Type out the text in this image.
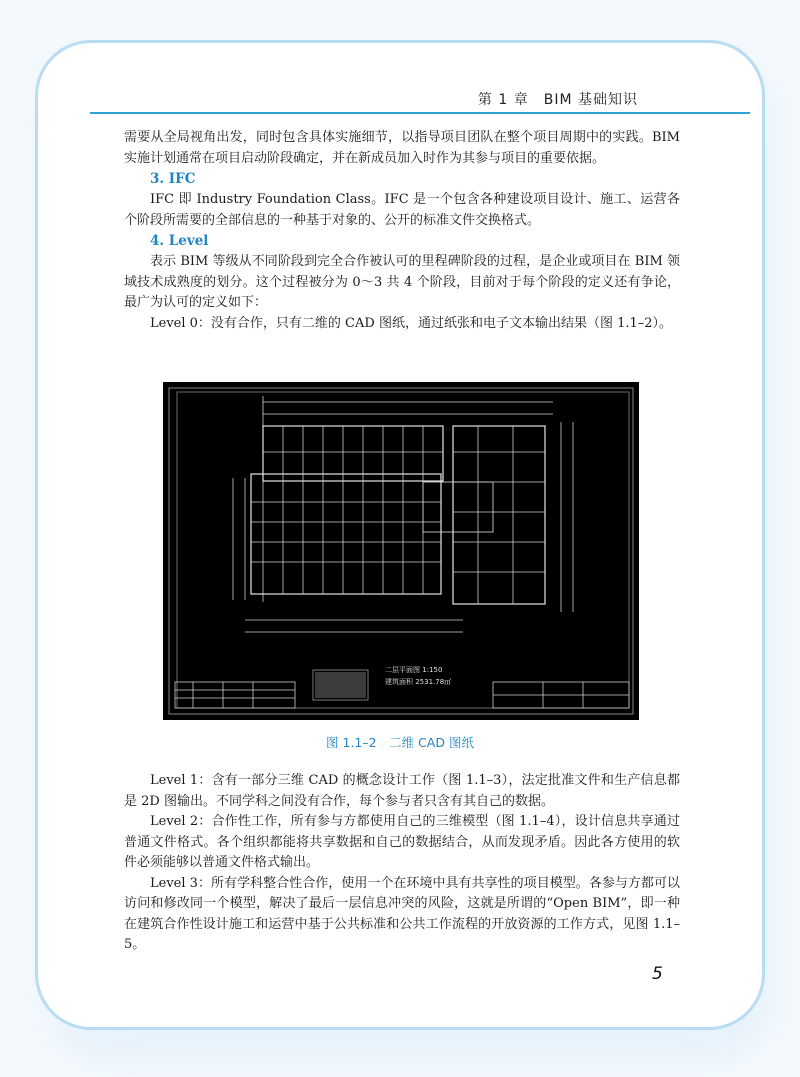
第 1 章　BIM 基础知识

需要从全局视角出发，同时包含具体实施细节，以指导项目团队在整个项目周期中的实践。BIM 实施计划通常在项目启动阶段确定，并在新成员加入时作为其参与项目的重要依据。

3. IFC

IFC 即 Industry Foundation Class。IFC 是一个包含各种建设项目设计、施工、运营各个阶段所需要的全部信息的一种基于对象的、公开的标准文件交换格式。

4. Level

表示 BIM 等级从不同阶段到完全合作被认可的里程碑阶段的过程，是企业或项目在 BIM 领域技术成熟度的划分。这个过程被分为 0～3 共 4 个阶段，目前对于每个阶段的定义还有争论，最广为认可的定义如下：

Level 0：没有合作，只有二维的 CAD 图纸，通过纸张和电子文本输出结果（图 1.1–2）。

二层平面图 1:150
建筑面积 2531.78㎡
图 1.1–2　二维 CAD 图纸

Level 1：含有一部分三维 CAD 的概念设计工作（图 1.1–3），法定批准文件和生产信息都是 2D 图输出。不同学科之间没有合作，每个参与者只含有其自己的数据。

Level 2：合作性工作，所有参与方都使用自己的三维模型（图 1.1–4），设计信息共享通过普通文件格式。各个组织都能将共享数据和自己的数据结合，从而发现矛盾。因此各方使用的软件必须能够以普通文件格式输出。

Level 3：所有学科整合性合作，使用一个在环境中具有共享性的项目模型。各参与方都可以访问和修改同一个模型，解决了最后一层信息冲突的风险，这就是所谓的“Open BIM”，即一种在建筑合作性设计施工和运营中基于公共标准和公共工作流程的开放资源的工作方式，见图 1.1–5。

5
